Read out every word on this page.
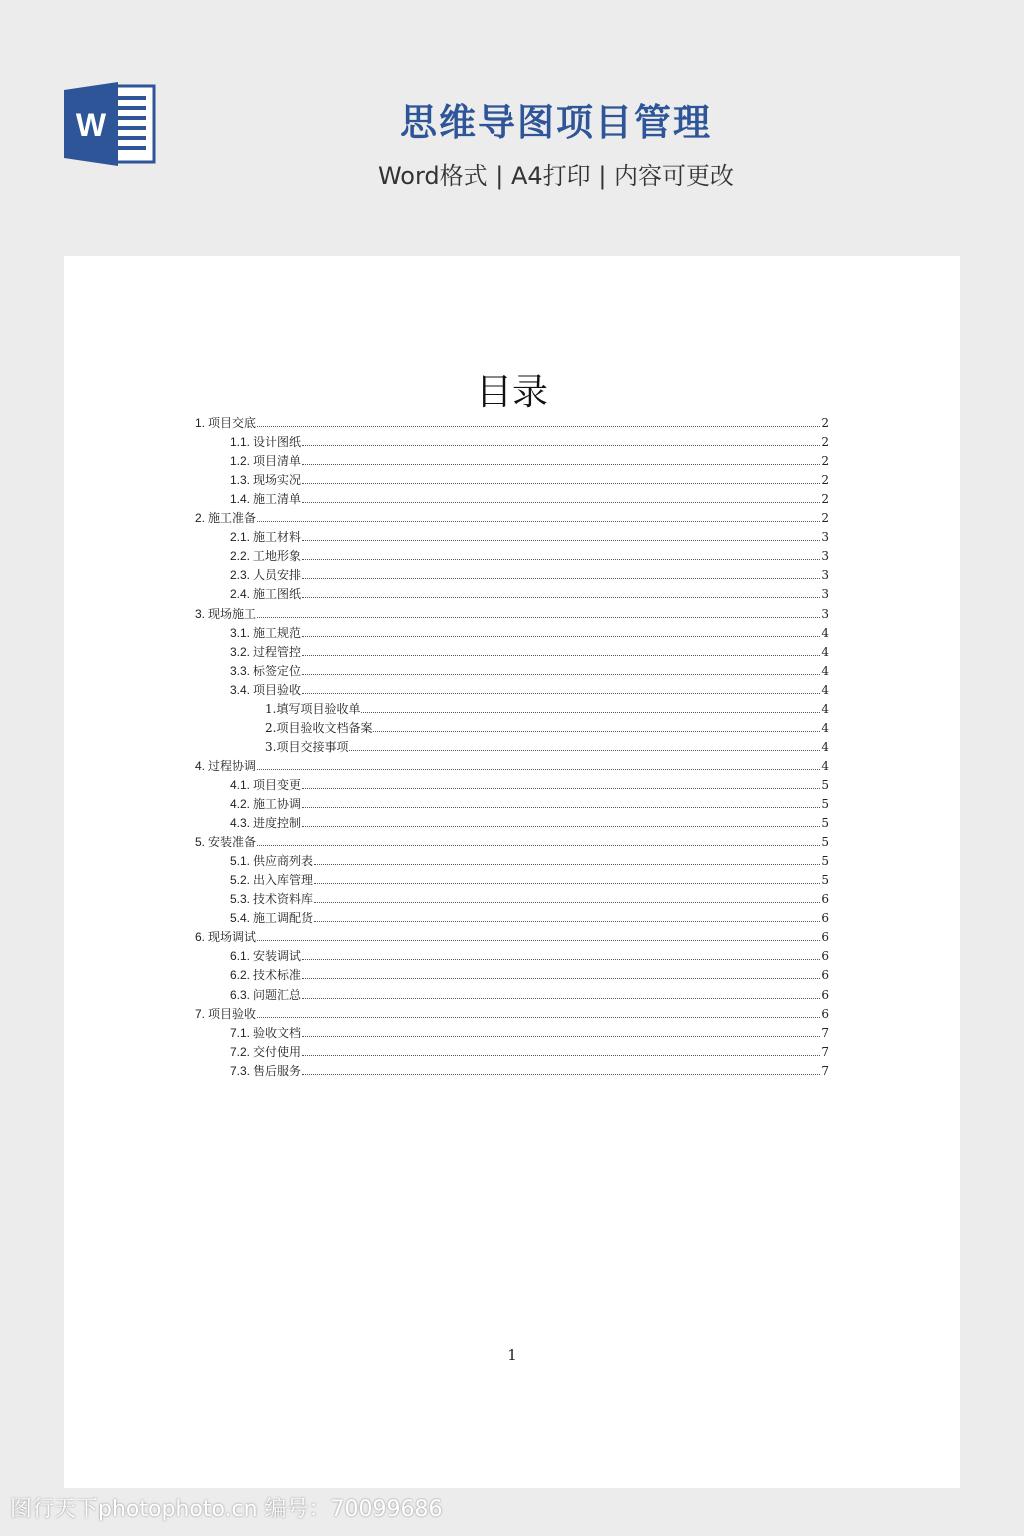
W	思维导图项目管理
Word格式 | A4打印 | 内容可更改
目录
1. 项目交底	2
1.1. 设计图纸	2
1.2. 项目清单	2
1.3. 现场实况	2
1.4. 施工清单	2
2. 施工准备	2
2.1. 施工材料	3
2.2. 工地形象	3
2.3. 人员安排	3
2.4. 施工图纸	3
3. 现场施工	3
3.1. 施工规范	4
3.2. 过程管控	4
3.3. 标签定位	4
3.4. 项目验收	4
1.填写项目验收单	4
2.项目验收文档备案	4
3.项目交接事项	4
4. 过程协调	4
4.1. 项目变更	5
4.2. 施工协调	5
4.3. 进度控制	5
5. 安装准备	5
5.1. 供应商列表	5
5.2. 出入库管理	5
5.3. 技术资料库	6
5.4. 施工调配货	6
6. 现场调试	6
6.1. 安装调试	6
6.2. 技术标准	6
6.3. 问题汇总	6
7. 项目验收	6
7.1. 验收文档	7
7.2. 交付使用	7
7.3. 售后服务	7
1
图行天下photophoto.cn 编号：70099686
